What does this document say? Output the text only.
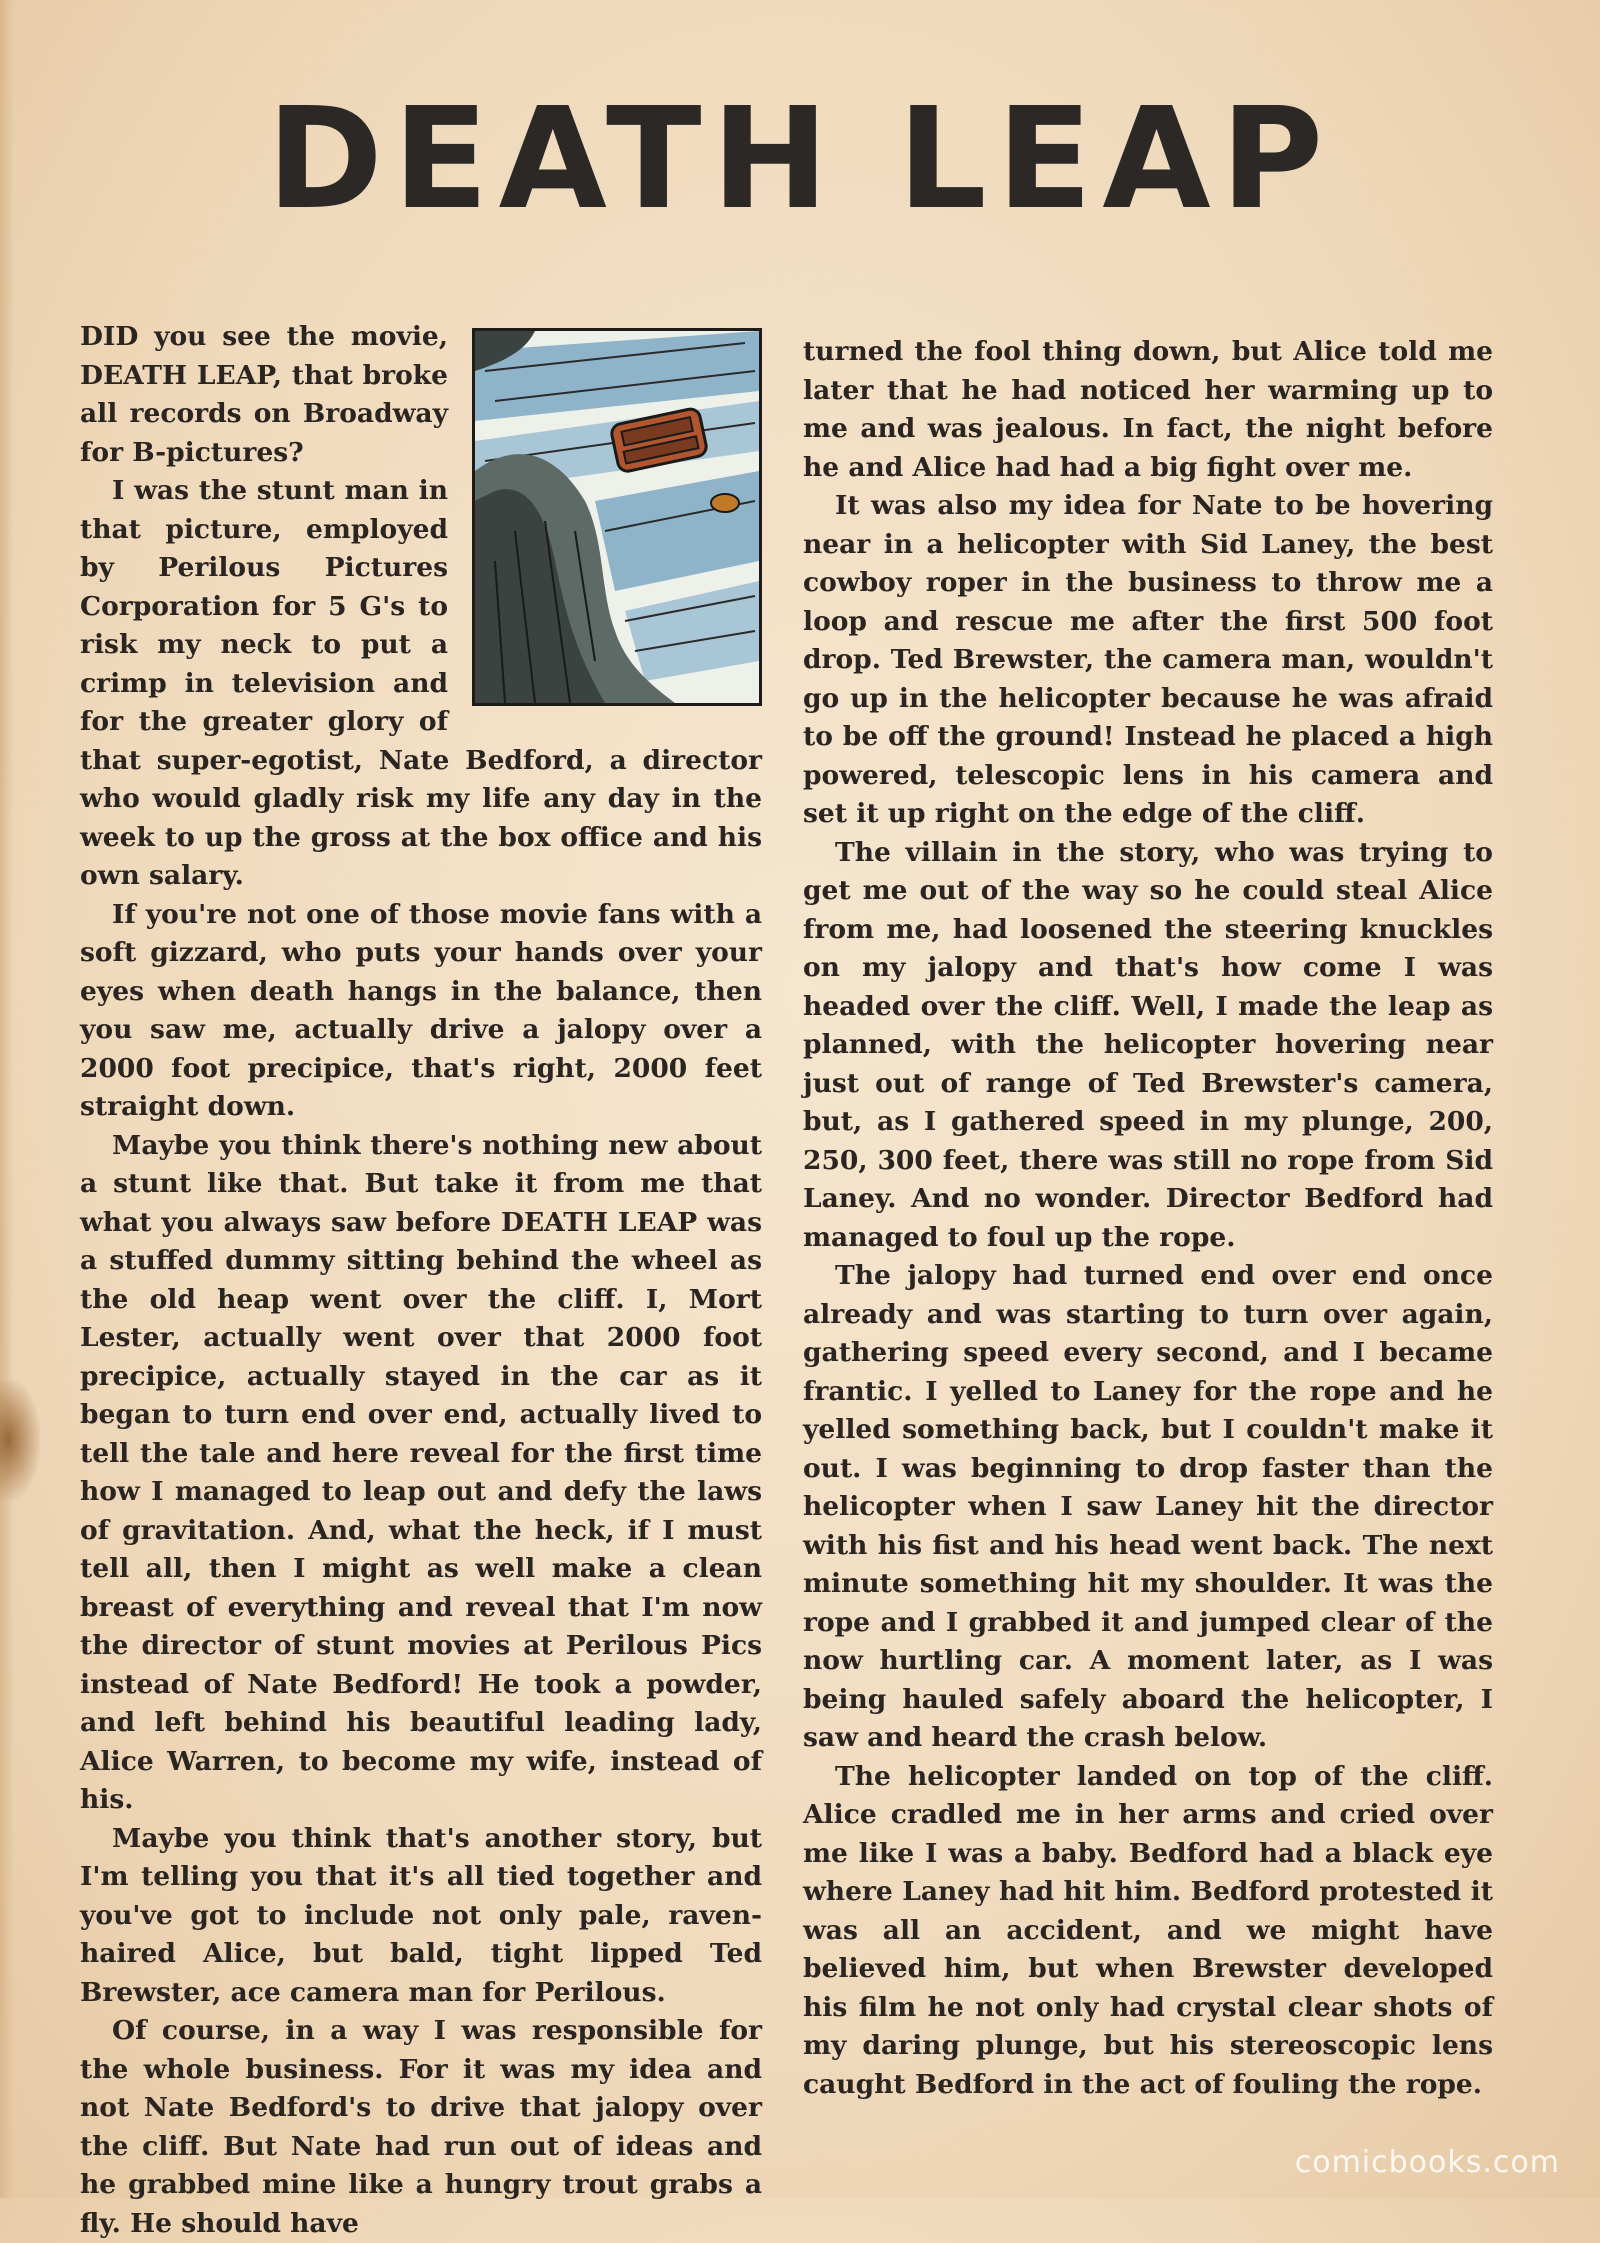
DEATH LEAP

DID you see the movie, DEATH LEAP, that broke all records on Broadway for B-pictures?

I was the stunt man in that picture, employed by Perilous Pictures Corporation for 5 G's to risk my neck to put a crimp in television and for the greater glory of that super-egotist, Nate Bedford, a director who would gladly risk my life any day in the week to up the gross at the box office and his own salary.

If you're not one of those movie fans with a soft gizzard, who puts your hands over your eyes when death hangs in the balance, then you saw me, actually drive a jalopy over a 2000 foot precipice, that's right, 2000 feet straight down.

Maybe you think there's nothing new about a stunt like that. But take it from me that what you always saw before DEATH LEAP was a stuffed dummy sitting behind the wheel as the old heap went over the cliff. I, Mort Lester, actually went over that 2000 foot precipice, actually stayed in the car as it began to turn end over end, actually lived to tell the tale and here reveal for the first time how I managed to leap out and defy the laws of gravitation. And, what the heck, if I must tell all, then I might as well make a clean breast of everything and reveal that I'm now the director of stunt movies at Perilous Pics instead of Nate Bedford! He took a powder, and left behind his beautiful leading lady, Alice Warren, to become my wife, instead of his.

Maybe you think that's another story, but I'm telling you that it's all tied together and you've got to include not only pale, raven-haired Alice, but bald, tight lipped Ted Brewster, ace camera man for Perilous.

Of course, in a way I was responsible for the whole business. For it was my idea and not Nate Bedford's to drive that jalopy over the cliff. But Nate had run out of ideas and he grabbed mine like a hungry trout grabs a fly. He should have

turned the fool thing down, but Alice told me later that he had noticed her warming up to me and was jealous. In fact, the night before he and Alice had had a big fight over me.

It was also my idea for Nate to be hovering near in a helicopter with Sid Laney, the best cowboy roper in the business to throw me a loop and rescue me after the first 500 foot drop. Ted Brewster, the camera man, wouldn't go up in the helicopter because he was afraid to be off the ground! Instead he placed a high powered, telescopic lens in his camera and set it up right on the edge of the cliff.

The villain in the story, who was trying to get me out of the way so he could steal Alice from me, had loosened the steering knuckles on my jalopy and that's how come I was headed over the cliff. Well, I made the leap as planned, with the helicopter hovering near just out of range of Ted Brewster's camera, but, as I gathered speed in my plunge, 200, 250, 300 feet, there was still no rope from Sid Laney. And no wonder. Director Bedford had managed to foul up the rope.

The jalopy had turned end over end once already and was starting to turn over again, gathering speed every second, and I became frantic. I yelled to Laney for the rope and he yelled something back, but I couldn't make it out. I was beginning to drop faster than the helicopter when I saw Laney hit the director with his fist and his head went back. The next minute something hit my shoulder. It was the rope and I grabbed it and jumped clear of the now hurtling car. A moment later, as I was being hauled safely aboard the helicopter, I saw and heard the crash below.

The helicopter landed on top of the cliff. Alice cradled me in her arms and cried over me like I was a baby. Bedford had a black eye where Laney had hit him. Bedford protested it was all an accident, and we might have believed him, but when Brewster developed his film he not only had crystal clear shots of my daring plunge, but his stereoscopic lens caught Bedford in the act of fouling the rope.

comicbooks.com
